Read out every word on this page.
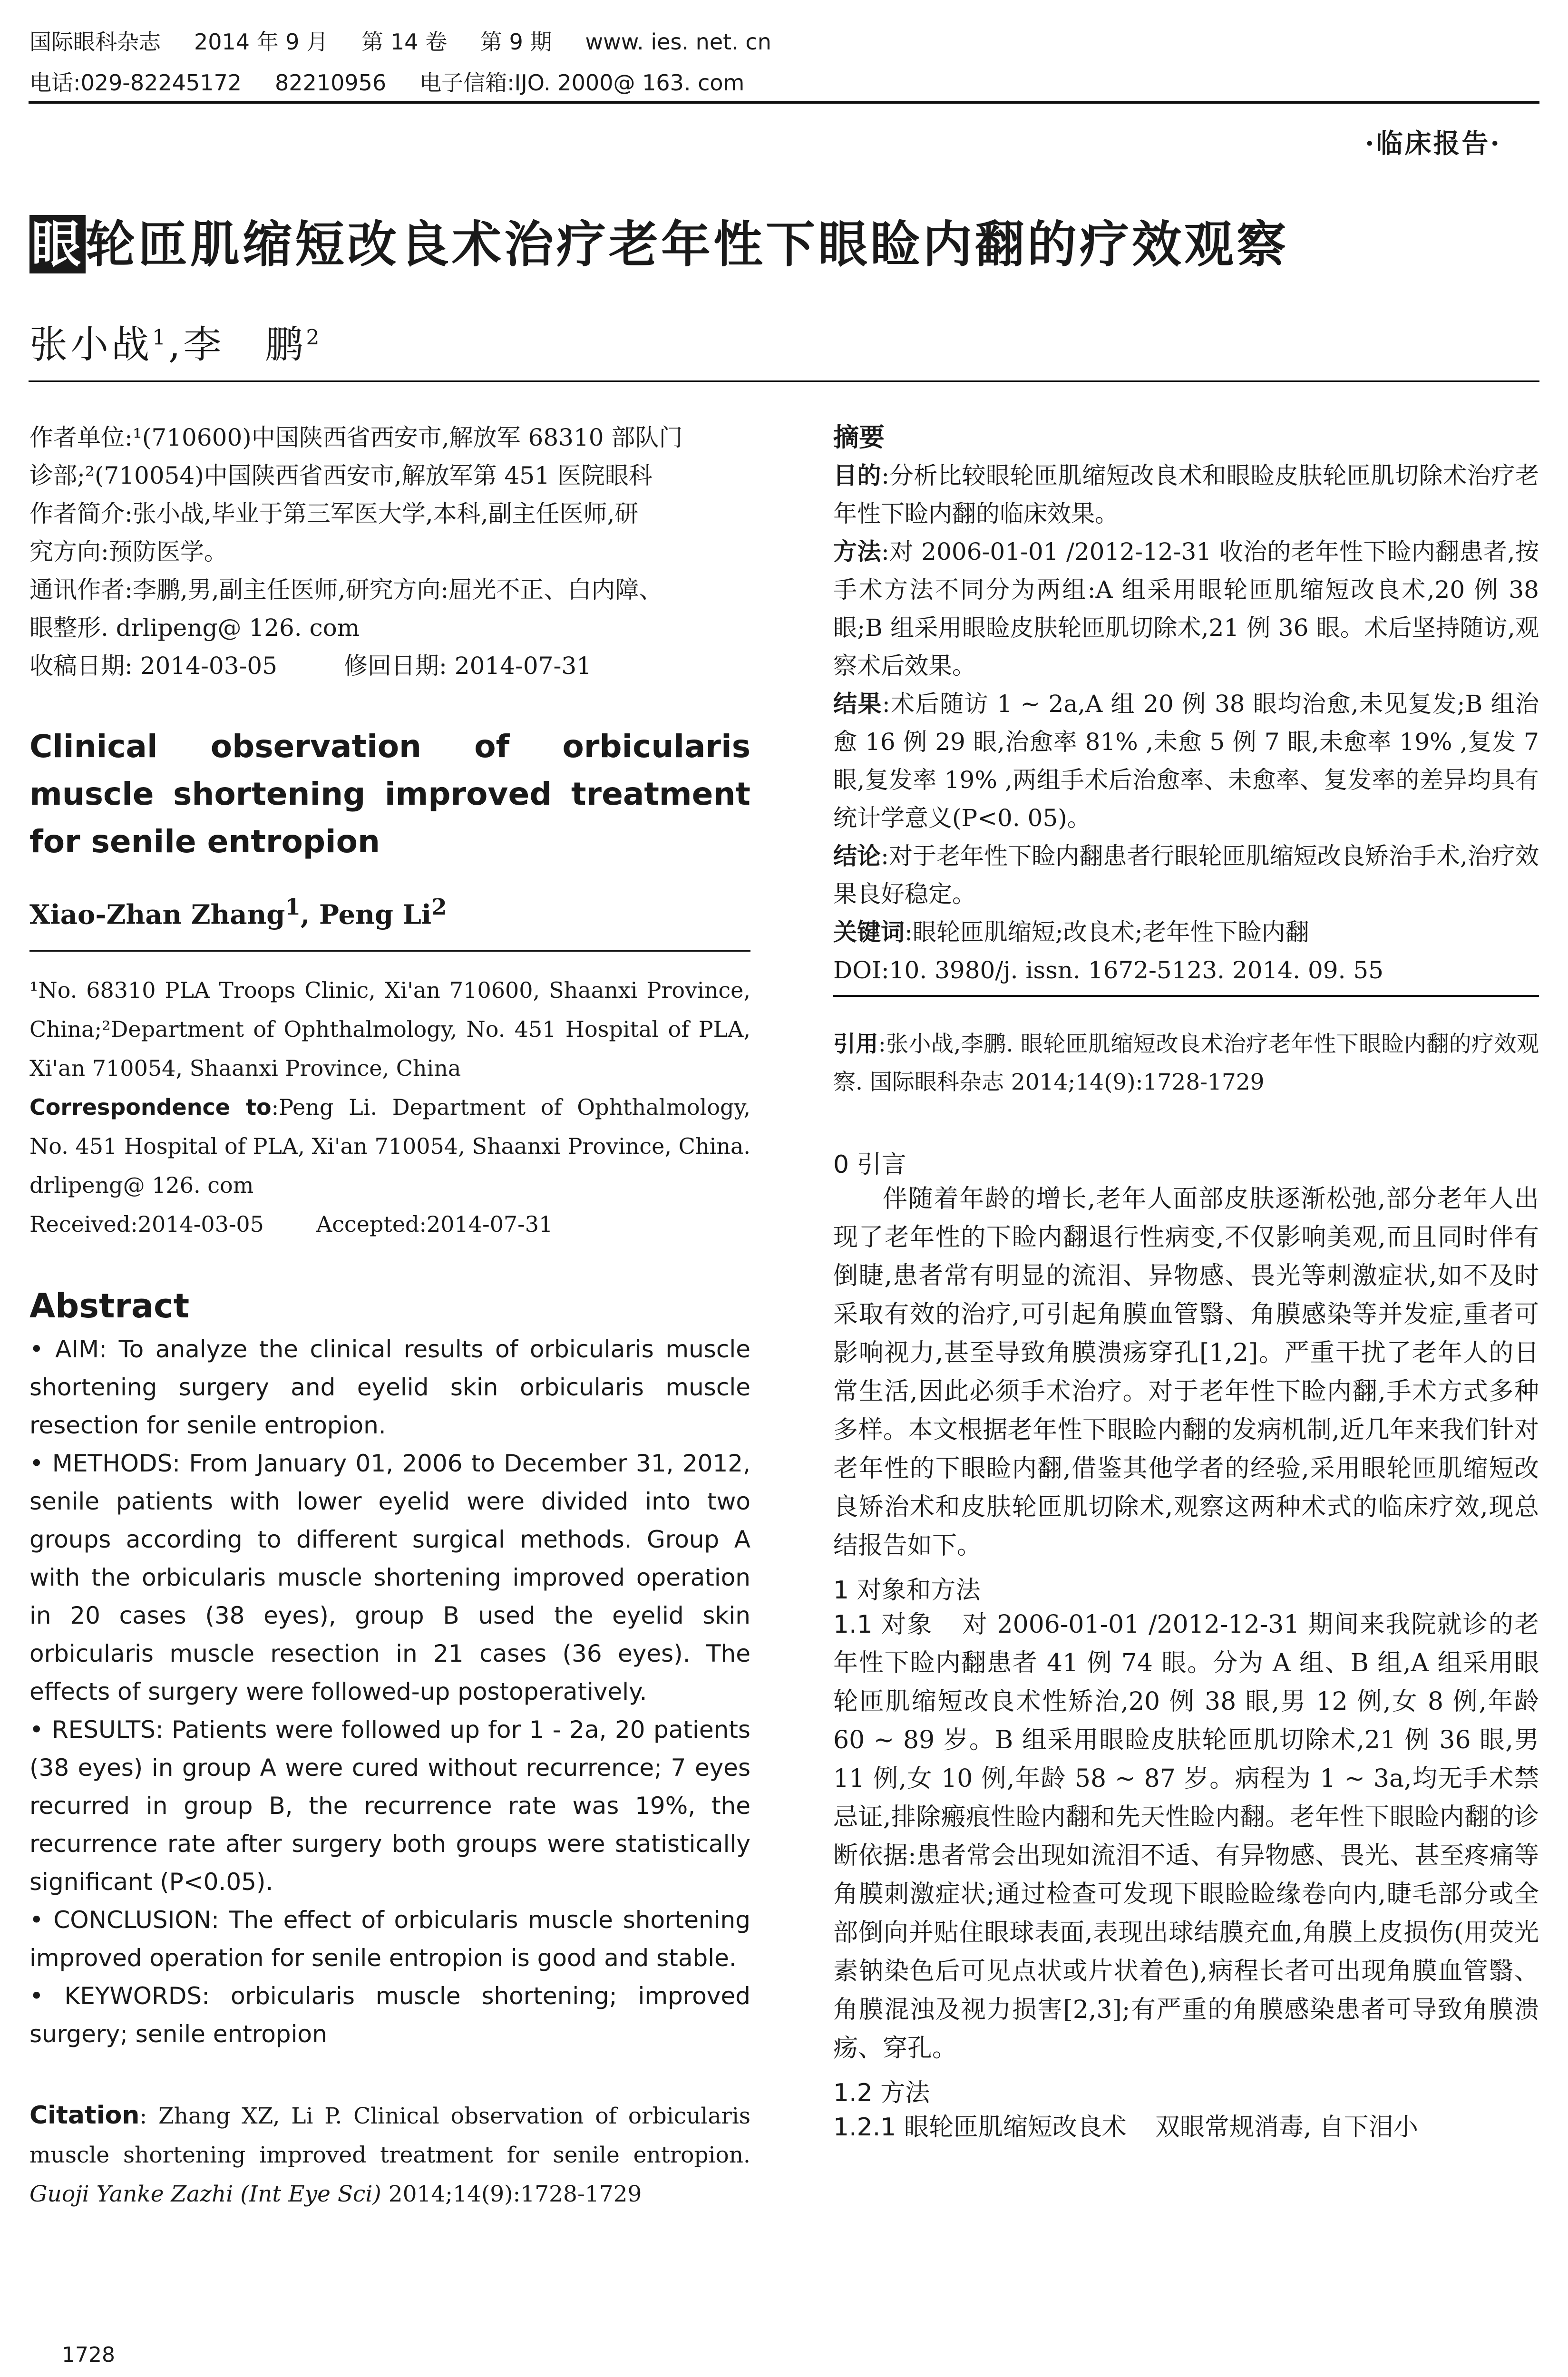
国际眼科杂志 2014 年 9 月 第 14 卷 第 9 期 www. ies. net. cn
电话:029-82245172 82210956 电子信箱:IJO. 2000@ 163. com
·临床报告·
眼轮匝肌缩短改良术治疗老年性下眼睑内翻的疗效观察
张小战$^1$,李　鹏$^2$

作者单位:¹(710600)中国陕西省西安市,解放军 68310 部队门

诊部;²(710054)中国陕西省西安市,解放军第 451 医院眼科

作者简介:张小战,毕业于第三军医大学,本科,副主任医师,研

究方向:预防医学。

通讯作者:李鹏,男,副主任医师,研究方向:屈光不正、白内障、

眼整形. drlipeng@ 126. com

收稿日期: 2014-03-05	修回日期: 2014-07-31

Clinical observation of orbicularis muscle shortening improved treatment for senile entropion

Xiao-Zhan Zhang$^1$, Peng Li$^2$

¹No. 68310 PLA Troops Clinic, Xi'an 710600, Shaanxi Province, China;²Department of Ophthalmology, No. 451 Hospital of PLA, Xi'an 710054, Shaanxi Province, China

Correspondence to:Peng Li. Department of Ophthalmology, No. 451 Hospital of PLA, Xi'an 710054, Shaanxi Province, China. drlipeng@ 126. com

Received:2014-03-05 Accepted:2014-07-31

Abstract

• AIM: To analyze the clinical results of orbicularis muscle shortening surgery and eyelid skin orbicularis muscle resection for senile entropion.

• METHODS: From January 01, 2006 to December 31, 2012, senile patients with lower eyelid were divided into two groups according to different surgical methods. Group A with the orbicularis muscle shortening improved operation in 20 cases (38 eyes), group B used the eyelid skin orbicularis muscle resection in 21 cases (36 eyes). The effects of surgery were followed-up postoperatively.

• RESULTS: Patients were followed up for 1 - 2a, 20 patients (38 eyes) in group A were cured without recurrence; 7 eyes recurred in group B, the recurrence rate was 19%, the recurrence rate after surgery both groups were statistically significant (P<0.05).

• CONCLUSION: The effect of orbicularis muscle shortening improved operation for senile entropion is good and stable.

• KEYWORDS: orbicularis muscle shortening; improved surgery; senile entropion

Citation: Zhang XZ, Li P. Clinical observation of orbicularis muscle shortening improved treatment for senile entropion. Guoji Yanke Zazhi (Int Eye Sci) 2014;14(9):1728-1729

摘要

目的:分析比较眼轮匝肌缩短改良术和眼睑皮肤轮匝肌切除术治疗老年性下睑内翻的临床效果。

方法:对 2006-01-01 /2012-12-31 收治的老年性下睑内翻患者,按手术方法不同分为两组:A 组采用眼轮匝肌缩短改良术,20 例 38 眼;B 组采用眼睑皮肤轮匝肌切除术,21 例 36 眼。术后坚持随访,观察术后效果。

结果:术后随访 1 ~ 2a,A 组 20 例 38 眼均治愈,未见复发;B 组治愈 16 例 29 眼,治愈率 81% ,未愈 5 例 7 眼,未愈率 19% ,复发 7 眼,复发率 19% ,两组手术后治愈率、未愈率、复发率的差异均具有统计学意义(P<0. 05)。

结论:对于老年性下睑内翻患者行眼轮匝肌缩短改良矫治手术,治疗效果良好稳定。

关键词:眼轮匝肌缩短;改良术;老年性下睑内翻

DOI:10. 3980/j. issn. 1672-5123. 2014. 09. 55

引用:张小战,李鹏. 眼轮匝肌缩短改良术治疗老年性下眼睑内翻的疗效观察. 国际眼科杂志 2014;14(9):1728-1729

0 引言

伴随着年龄的增长,老年人面部皮肤逐渐松弛,部分老年人出现了老年性的下睑内翻退行性病变,不仅影响美观,而且同时伴有倒睫,患者常有明显的流泪、异物感、畏光等刺激症状,如不及时采取有效的治疗,可引起角膜血管翳、角膜感染等并发症,重者可影响视力,甚至导致角膜溃疡穿孔[1,2]。严重干扰了老年人的日常生活,因此必须手术治疗。对于老年性下睑内翻,手术方式多种多样。本文根据老年性下眼睑内翻的发病机制,近几年来我们针对老年性的下眼睑内翻,借鉴其他学者的经验,采用眼轮匝肌缩短改良矫治术和皮肤轮匝肌切除术,观察这两种术式的临床疗效,现总结报告如下。

1 对象和方法

1.1 对象 对 2006-01-01 /2012-12-31 期间来我院就诊的老年性下睑内翻患者 41 例 74 眼。分为 A 组、B 组,A 组采用眼轮匝肌缩短改良术性矫治,20 例 38 眼,男 12 例,女 8 例,年龄 60 ~ 89 岁。B 组采用眼睑皮肤轮匝肌切除术,21 例 36 眼,男 11 例,女 10 例,年龄 58 ~ 87 岁。病程为 1 ~ 3a,均无手术禁忌证,排除瘢痕性睑内翻和先天性睑内翻。老年性下眼睑内翻的诊断依据:患者常会出现如流泪不适、有异物感、畏光、甚至疼痛等角膜刺激症状;通过检查可发现下眼睑睑缘卷向内,睫毛部分或全部倒向并贴住眼球表面,表现出球结膜充血,角膜上皮损伤(用荧光素钠染色后可见点状或片状着色),病程长者可出现角膜血管翳、角膜混浊及视力损害[2,3];有严重的角膜感染患者可导致角膜溃疡、穿孔。

1.2 方法

1.2.1 眼轮匝肌缩短改良术 双眼常规消毒, 自下泪小

1728
